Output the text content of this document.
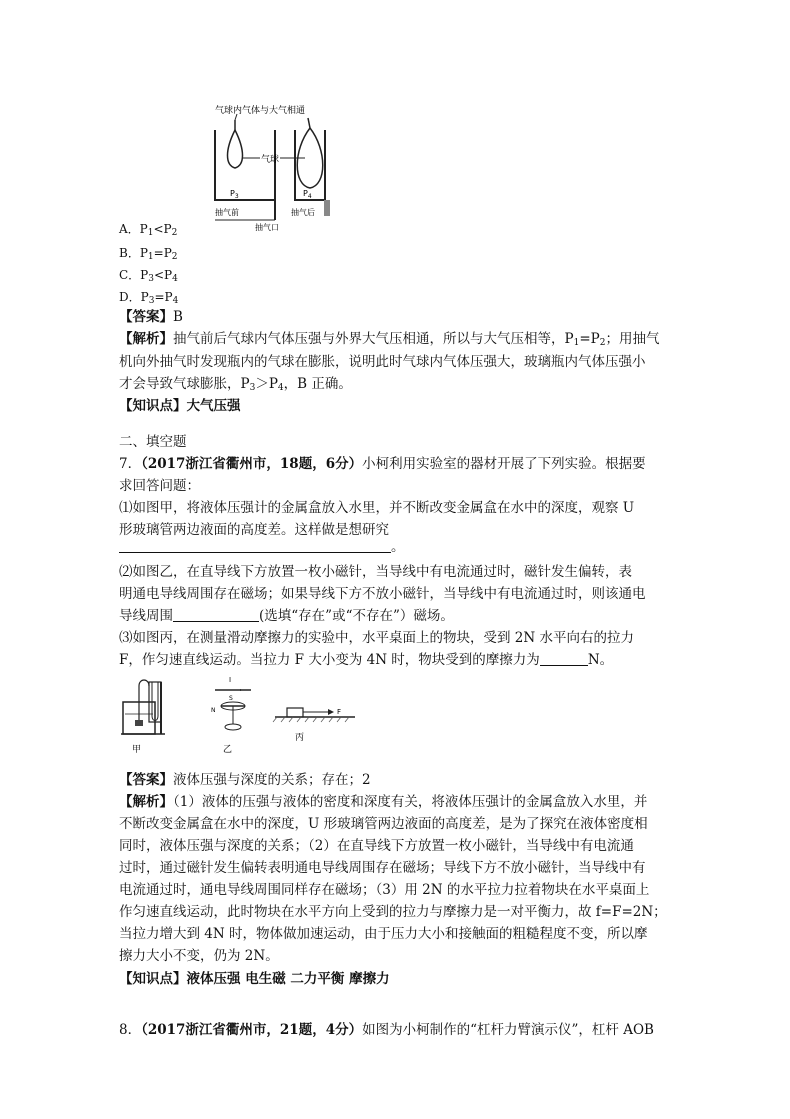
气球内气体与大气相通
气球
$P_3$
抽气前
$P_4$
抽气后
抽气口
A．$P_1<P_2$
B．$P_1=P_2$
C．$P_3<P_4$
D．$P_3=P_4$
【答案】B
【解析】抽气前后气球内气体压强与外界大气压相通，所以与大气压相等，$P_1=P_2$；用抽气
机向外抽气时发现瓶内的气球在膨胀，说明此时气球内气体压强大，玻璃瓶内气体压强小
才会导致气球膨胀，$P_3>P_4$，B 正确。
【知识点】大气压强
二、填空题
7．（2017浙江省衢州市，18题，6分）小柯利用实验室的器材开展了下列实验。根据要
求回答问题：
⑴如图甲，将液体压强计的金属盒放入水里，并不断改变金属盒在水中的深度，观察 U
形玻璃管两边液面的高度差。这样做是想研究
。
⑵如图乙，在直导线下方放置一枚小磁针，当导线中有电流通过时，磁针发生偏转，表
明通电导线周围存在磁场；如果导线下方不放小磁针，当导线中有电流通过时，则该通电
导线周围	(选填“存在”或“不存在”）磁场。
⑶如图丙，在测量滑动摩擦力的实验中，水平桌面上的物块，受到 2N 水平向右的拉力
F，作匀速直线运动。当拉力 F 大小变为 4N 时，物块受到的摩擦力为	N。
甲
I
S
N
乙
F
丙
【答案】液体压强与深度的关系；存在；2
【解析】（1）液体的压强与液体的密度和深度有关，将液体压强计的金属盒放入水里，并
不断改变金属盒在水中的深度，U 形玻璃管两边液面的高度差，是为了探究在液体密度相
同时，液体压强与深度的关系；（2）在直导线下方放置一枚小磁针，当导线中有电流通
过时，通过磁针发生偏转表明通电导线周围存在磁场；导线下方不放小磁针，当导线中有
电流通过时，通电导线周围同样存在磁场；（3）用 2N 的水平拉力拉着物块在水平桌面上
作匀速直线运动，此时物块在水平方向上受到的拉力与摩擦力是一对平衡力，故 f=F=2N；
当拉力增大到 4N 时，物体做加速运动，由于压力大小和接触面的粗糙程度不变，所以摩
擦力大小不变，仍为 2N。
【知识点】液体压强 电生磁 二力平衡 摩擦力
8．（2017浙江省衢州市，21题，4分）如图为小柯制作的“杠杆力臂演示仪”，杠杆 AOB
